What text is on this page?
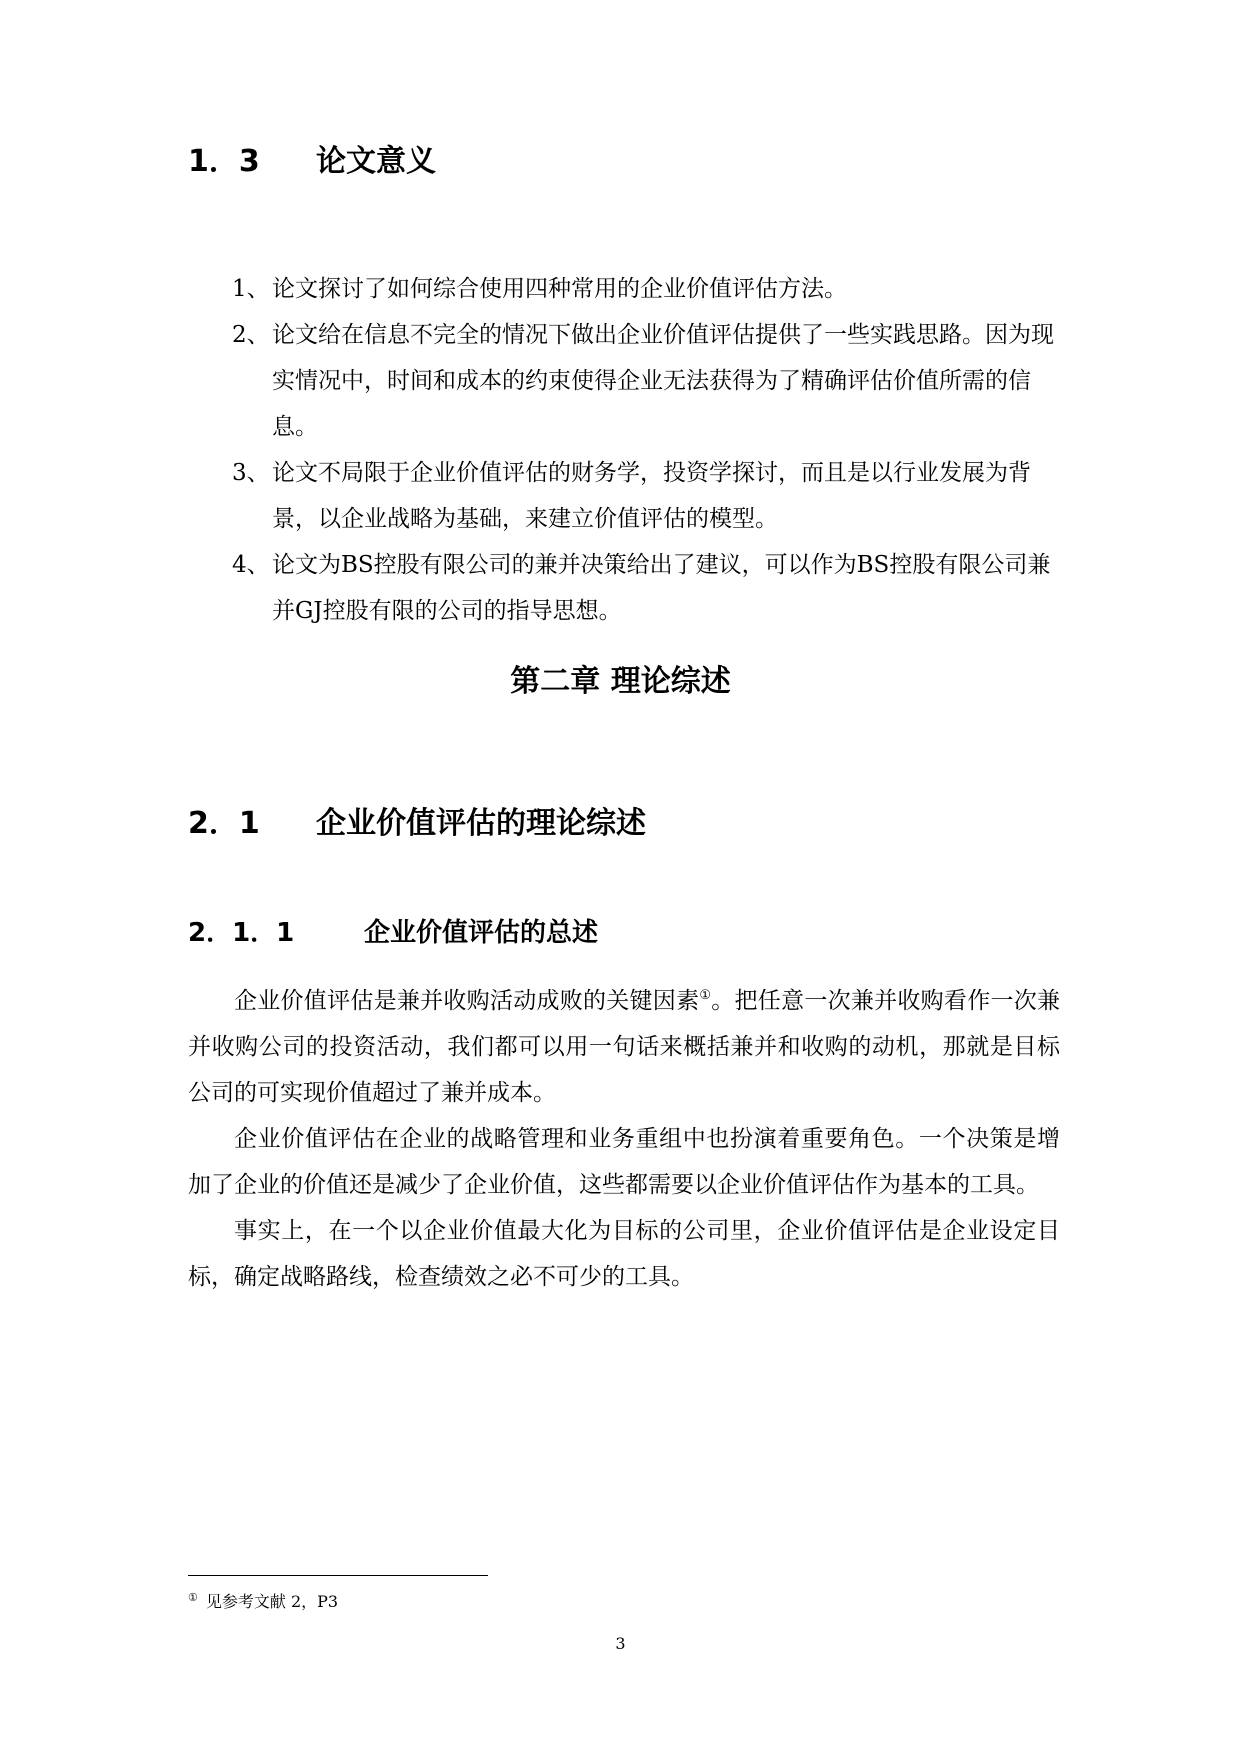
1．3 论文意义
1、 论文探讨了如何综合使用四种常用的企业价值评估方法。
2、 论文给在信息不完全的情况下做出企业价值评估提供了一些实践思路。因为现实情况中，时间和成本的约束使得企业无法获得为了精确评估价值所需的信息。
3、 论文不局限于企业价值评估的财务学，投资学探讨，而且是以行业发展为背景，以企业战略为基础，来建立价值评估的模型。
4、 论文为BS控股有限公司的兼并决策给出了建议，可以作为BS控股有限公司兼并GJ控股有限的公司的指导思想。
第二章 理论综述
2．1 企业价值评估的理论综述
2．1．1	企业价值评估的总述

企业价值评估是兼并收购活动成败的关键因素①。把任意一次兼并收购看作一次兼并收购公司的投资活动，我们都可以用一句话来概括兼并和收购的动机，那就是目标公司的可实现价值超过了兼并成本。

企业价值评估在企业的战略管理和业务重组中也扮演着重要角色。一个决策是增加了企业的价值还是减少了企业价值，这些都需要以企业价值评估作为基本的工具。

事实上，在一个以企业价值最大化为目标的公司里，企业价值评估是企业设定目标，确定战略路线，检查绩效之必不可少的工具。

① 见参考文献 2，P3
3
